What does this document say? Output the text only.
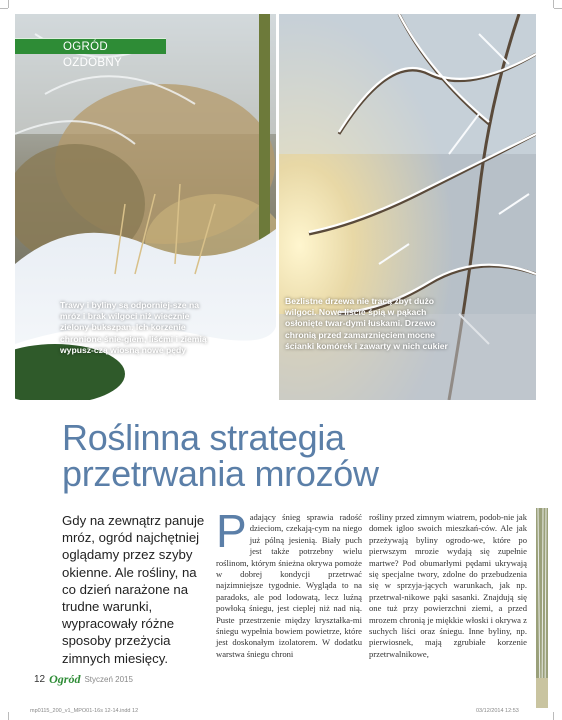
OGRÓD OZDOBNY
Trawy i byliny są odporniej-sze na mróz i brak wilgoci niż wiecznie zielony bukszpan. Ich korzenie chronione śnie-giem, liśćmi i ziemią wypusz-czą wiosną nowe pędy
Bezlistne drzewa nie tracą zbyt dużo wilgoci. Nowe liście śpią w pąkach osłonięte twar-dymi łuskami. Drzewo chronią przed zamarznięciem mocne ścianki komórek i zawarty w nich cukier
Roślinna strategia
przetrwania mrozów
Gdy na zewnątrz panuje mróz, ogród najchętniej oglądamy przez szyby okienne. Ale rośliny, na co dzień narażone na trudne warunki, wypracowały różne sposoby przeżycia zimnych miesięcy.
P adający śnieg sprawia radość dzieciom, czekają-cym na niego już pólną jesienią. Biały puch jest także potrzebny wielu roślinom, którym śnieżna okrywa pomoże w dobrej kondycji przetrwać najzimniejsze tygodnie. Wygląda to na paradoks, ale pod lodowatą, lecz luźną powłoką śniegu, jest cieplej niż nad nią. Puste przestrzenie między kryształka-mi śniegu wypełnia bowiem powietrze, które jest doskonałym izolatorem. W dodatku warstwa śniegu chroni
rośliny przed zimnym wiatrem, podob-nie jak domek igloo swoich mieszkań-ców. Ale jak przeżywają byliny ogrodo-we, które po pierwszym mrozie wydają się zupełnie martwe? Pod obumarłymi pędami ukrywają się specjalne twory, zdolne do przebudzenia się w sprzyja-jących warunkach, jak np. przetrwal-nikowe pąki sasanki. Znajdują się one tuż przy powierzchni ziemi, a przed mrozem chronią je miękkie włoski i okrywa z suchych liści oraz śniegu. Inne byliny, np. pierwiosnek, mają zgrubiałe korzenie przetrwalnikowe,
12 Ogród Styczeń 2015
mp0115_200_v1_MPO01-16s 12-14.indd 12	03/12/2014 12:53
